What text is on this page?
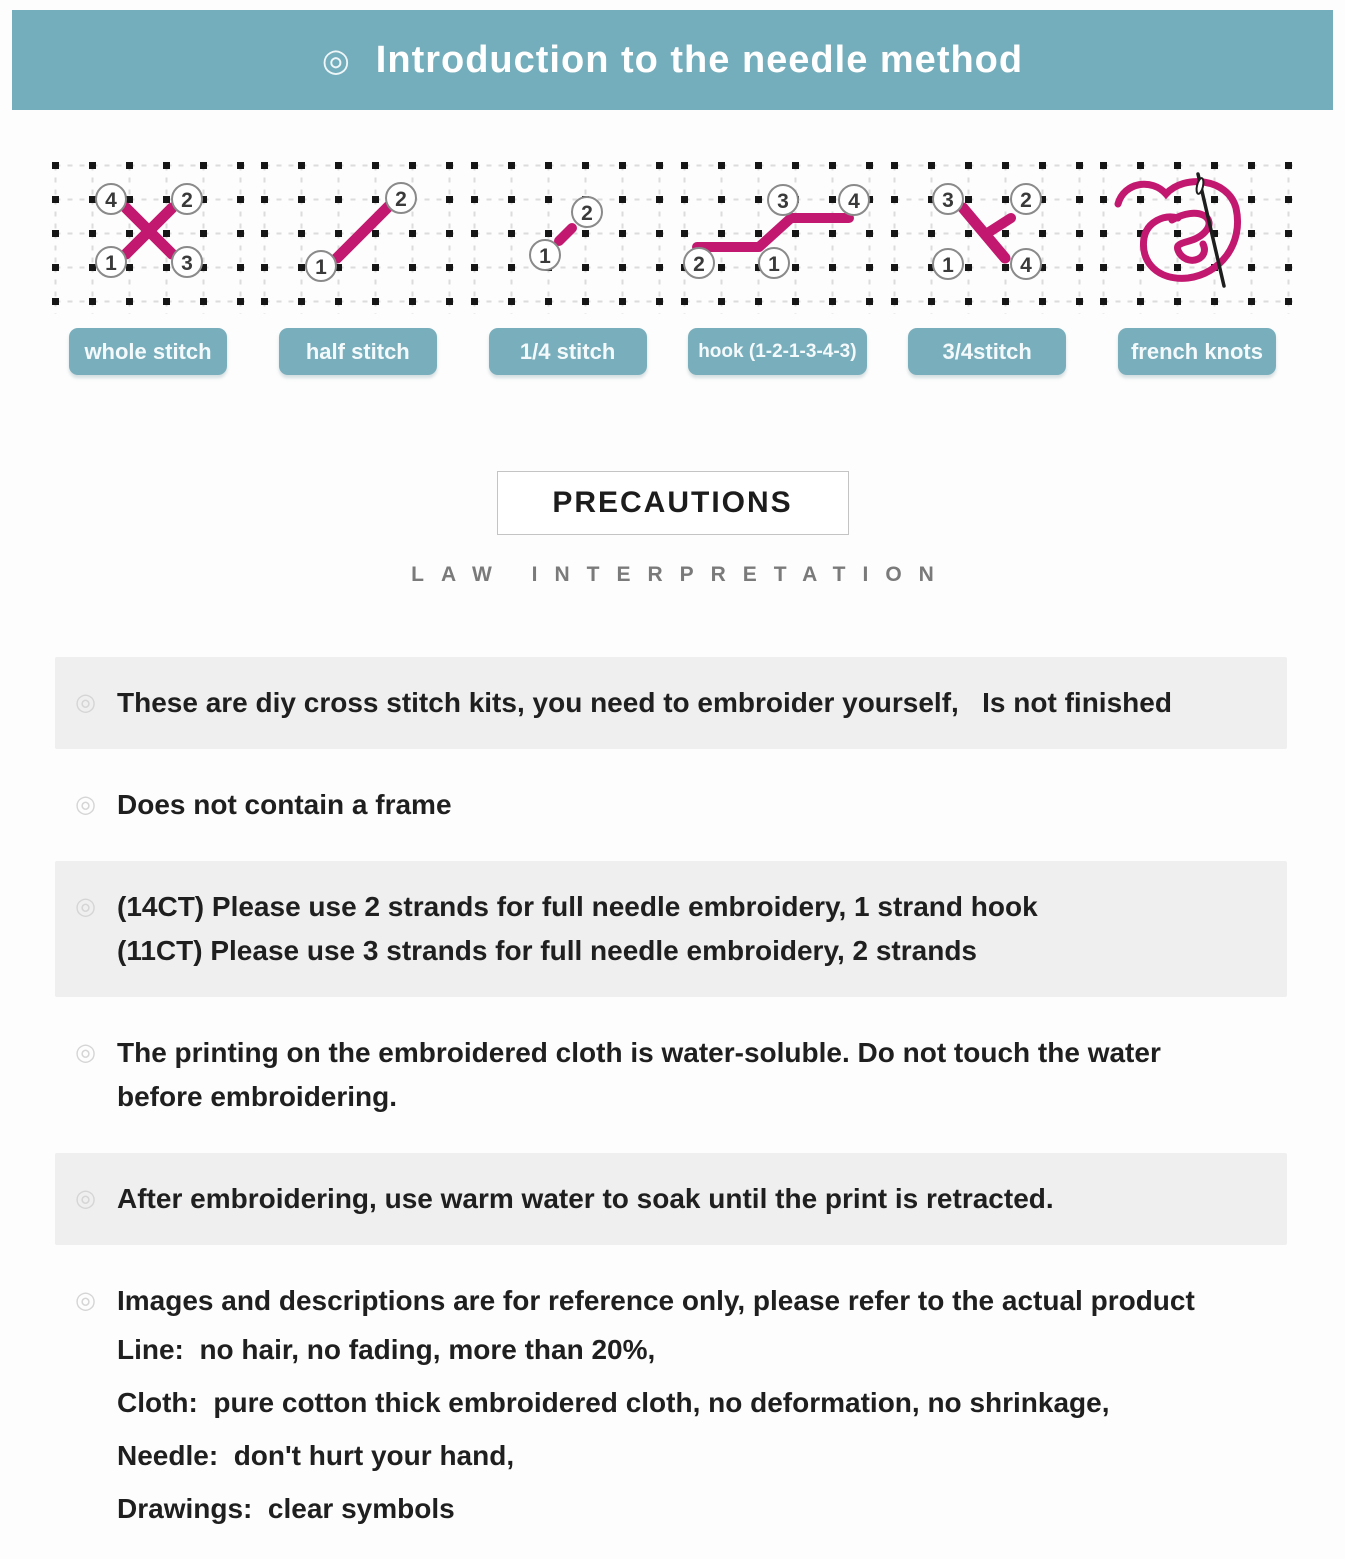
◎ Introduction to the needle method
4	2
1	3
whole stitch
1
2
half stitch
1
2
1/4 stitch
2	1
3	4
hook (1-2-1-3-4-3)
3	2
1	4
3/4stitch	french knots
PRECAUTIONS
LAW INTERPRETATION
◎ These are diy cross stitch kits, you need to embroider yourself,   Is not finished
◎ Does not contain a frame
◎ (14CT) Please use 2 strands for full needle embroidery, 1 strand hook
(11CT) Please use 3 strands for full needle embroidery, 2 strands
◎ The printing on the embroidered cloth is water-soluble. Do not touch the water
before embroidering.
◎ After embroidering, use warm water to soak until the print is retracted.
◎ Images and descriptions are for reference only, please refer to the actual product
Line:  no hair, no fading, more than 20%,
Cloth:  pure cotton thick embroidered cloth, no deformation, no shrinkage,
Needle:  don't hurt your hand,
Drawings:  clear symbols
